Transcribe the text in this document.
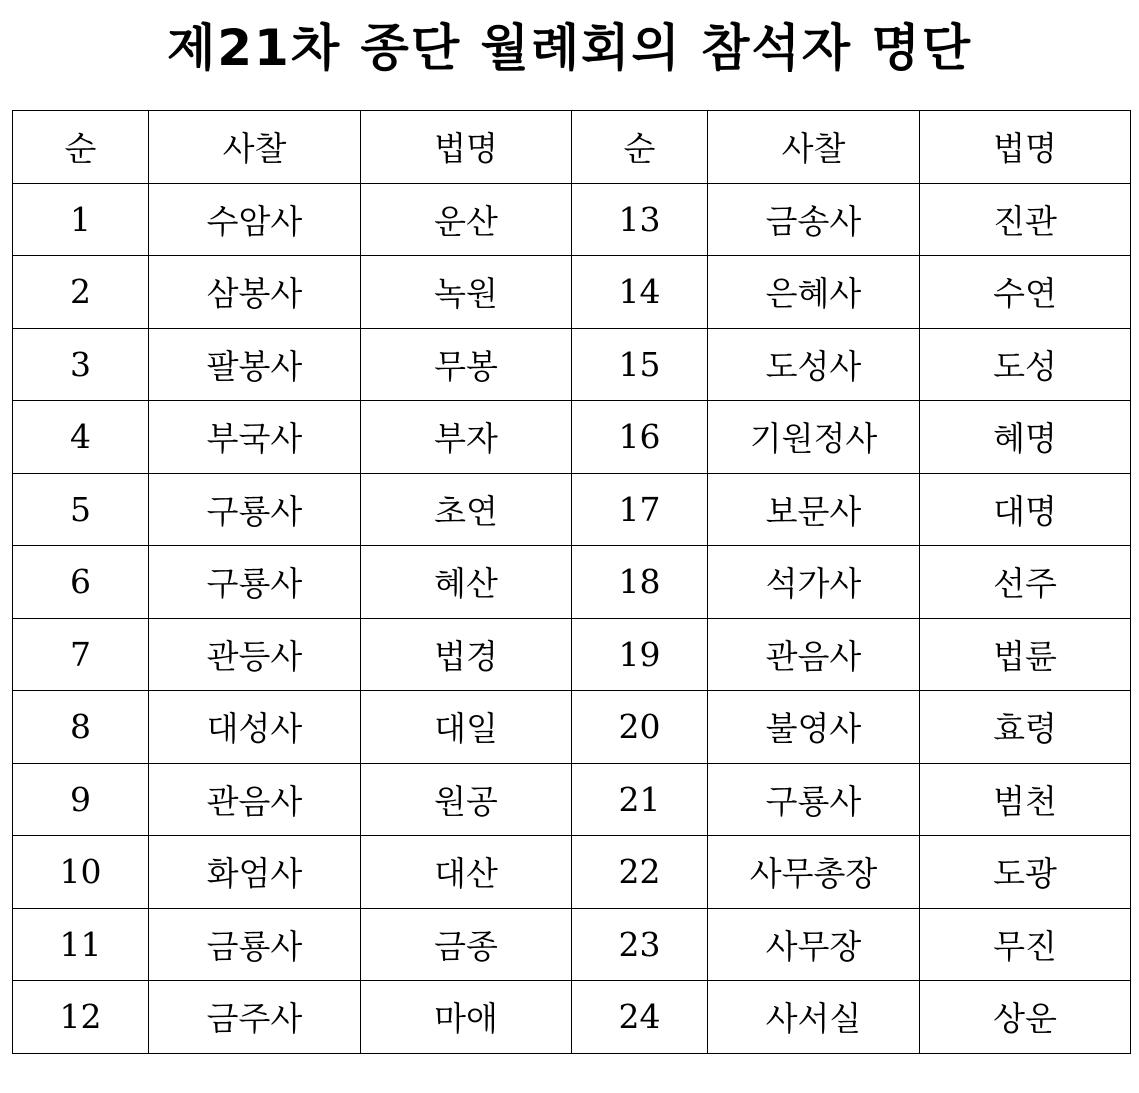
제21차 종단 월례회의 참석자 명단
순	사찰	법명	순	사찰	법명
1	수암사	운산	13	금송사	진관
2	삼봉사	녹원	14	은혜사	수연
3	팔봉사	무봉	15	도성사	도성
4	부국사	부자	16	기원정사	혜명
5	구룡사	초연	17	보문사	대명
6	구룡사	혜산	18	석가사	선주
7	관등사	법경	19	관음사	법륜
8	대성사	대일	20	불영사	효령
9	관음사	원공	21	구룡사	범천
10	화엄사	대산	22	사무총장	도광
11	금룡사	금종	23	사무장	무진
12	금주사	마애	24	사서실	상운
